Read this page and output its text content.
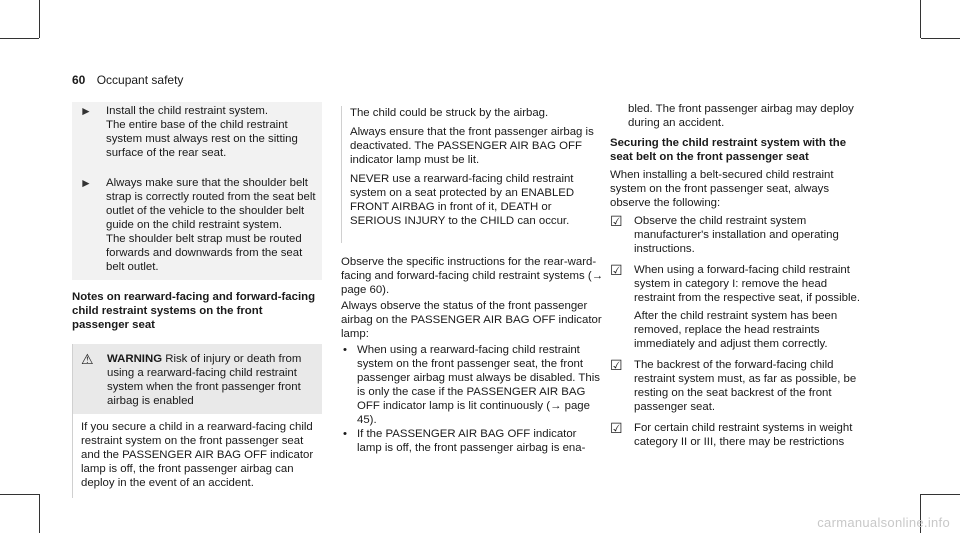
60 Occupant safety
►	Install the child restraint system.

The entire base of the child restraint system must always rest on the sitting surface of the rear seat.

►	Always make sure that the shoulder belt strap is correctly routed from the seat belt outlet of the vehicle to the shoulder belt guide on the child restraint system.

The shoulder belt strap must be routed forwards and downwards from the seat belt outlet.

Notes on rearward-facing and forward-facing child restraint systems on the front passenger seat

⚠	WARNING Risk of injury or death from using a rearward-facing child restraint system when the front passenger front airbag is enabled

If you secure a child in a rearward-facing child restraint system on the front passenger seat and the PASSENGER AIR BAG OFF indicator lamp is off, the front passenger airbag can deploy in the event of an accident.

The child could be struck by the airbag.

Always ensure that the front passenger airbag is deactivated. The PASSENGER AIR BAG OFF indicator lamp must be lit.

NEVER use a rearward-facing child restraint system on a seat protected by an ENABLED FRONT AIRBAG in front of it, DEATH or SERIOUS INJURY to the CHILD can occur.

Observe the specific instructions for the rear-ward-facing and forward-facing child restraint systems (→ page 60).

Always observe the status of the front passenger airbag on the PASSENGER AIR BAG OFF indicator lamp:

• When using a rearward-facing child restraint system on the front passenger seat, the front passenger airbag must always be disabled. This is only the case if the PASSENGER AIR BAG OFF indicator lamp is lit continuously (→ page 45).
• If the PASSENGER AIR BAG OFF indicator lamp is off, the front passenger airbag is ena-

bled. The front passenger airbag may deploy during an accident.

Securing the child restraint system with the seat belt on the front passenger seat

When installing a belt-secured child restraint system on the front passenger seat, always observe the following:

☑	Observe the child restraint system manufacturer's installation and operating instructions.
☑	When using a forward-facing child restraint system in category I: remove the head restraint from the respective seat, if possible.

After the child restraint system has been removed, replace the head restraints immediately and adjust them correctly.

☑	The backrest of the forward-facing child restraint system must, as far as possible, be resting on the seat backrest of the front passenger seat.
☑	For certain child restraint systems in weight category II or III, there may be restrictions
carmanualsonline.info
